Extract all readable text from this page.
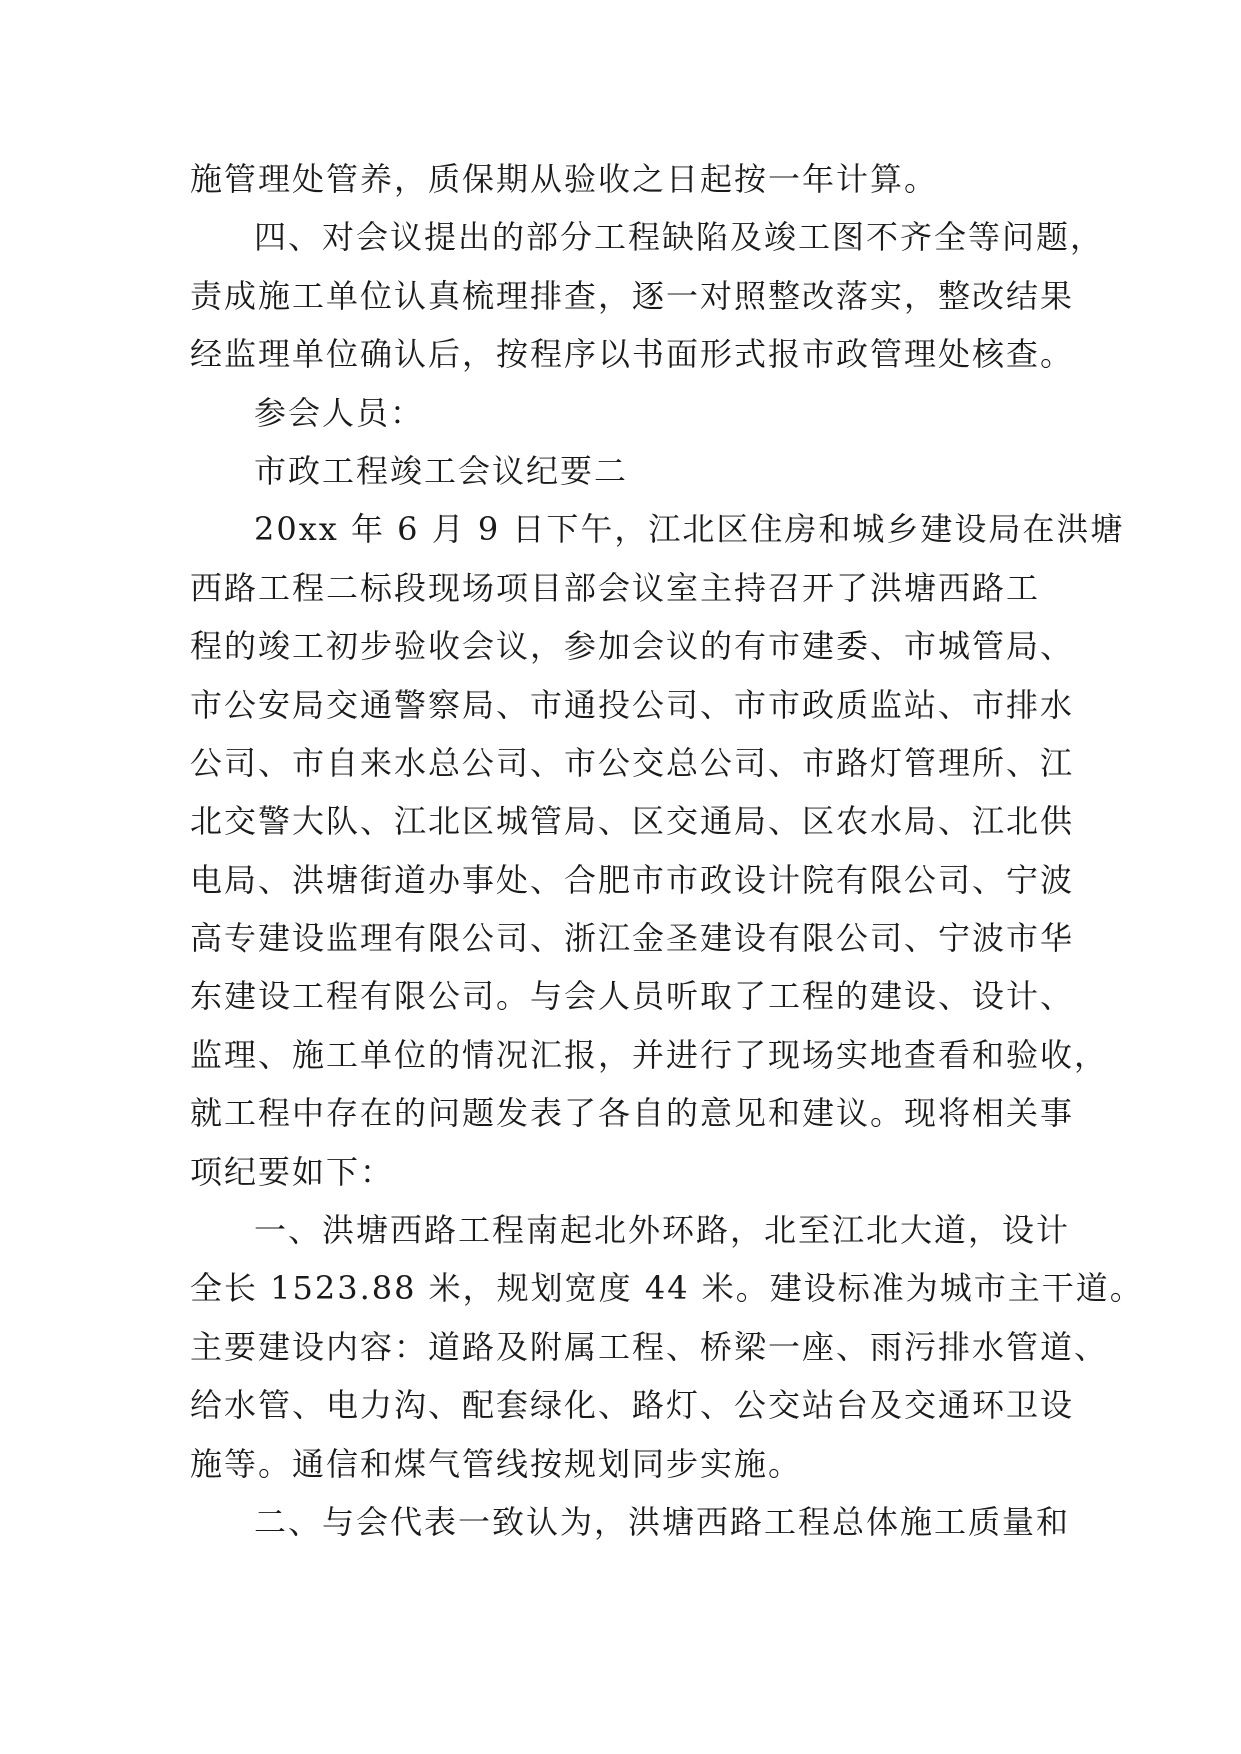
施管理处管养，质保期从验收之日起按一年计算。
四、对会议提出的部分工程缺陷及竣工图不齐全等问题，
责成施工单位认真梳理排查，逐一对照整改落实，整改结果
经监理单位确认后，按程序以书面形式报市政管理处核查。
参会人员：
市政工程竣工会议纪要二
20xx 年 6 月 9 日下午，江北区住房和城乡建设局在洪塘
西路工程二标段现场项目部会议室主持召开了洪塘西路工
程的竣工初步验收会议，参加会议的有市建委、市城管局、
市公安局交通警察局、市通投公司、市市政质监站、市排水
公司、市自来水总公司、市公交总公司、市路灯管理所、江
北交警大队、江北区城管局、区交通局、区农水局、江北供
电局、洪塘街道办事处、合肥市市政设计院有限公司、宁波
高专建设监理有限公司、浙江金圣建设有限公司、宁波市华
东建设工程有限公司。与会人员听取了工程的建设、设计、
监理、施工单位的情况汇报，并进行了现场实地查看和验收，
就工程中存在的问题发表了各自的意见和建议。现将相关事
项纪要如下：
一、洪塘西路工程南起北外环路，北至江北大道，设计
全长 1523.88 米，规划宽度 44 米。建设标准为城市主干道。
主要建设内容：道路及附属工程、桥梁一座、雨污排水管道、
给水管、电力沟、配套绿化、路灯、公交站台及交通环卫设
施等。通信和煤气管线按规划同步实施。
二、与会代表一致认为，洪塘西路工程总体施工质量和
